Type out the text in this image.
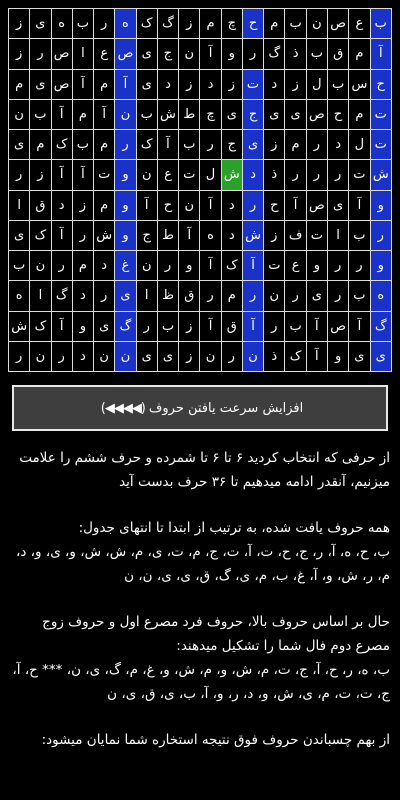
ز	ی	ه	ب	ر	ه	ک	گ	ز	م	چ	ح	م	ب	ن	ص	ع	ب
ز	ر	ص	ا	ع	ص	ی	ج	ن	آ	و	ر	گ	ذ	ب	ق	م	آ
م	ی	ص	آ	م	آ	ی	د	ز	د	ز	ت	د	ز	ل	ب	س	ح
ن	ب	آ	م	آ	ن	ب	ش	ط	چ	ی	ج	ی	ی	ص	ح	م	ت
ی	م	ک	ب	م	ر	ک	آ	ب	ر	ج	ی	ز	م	ر	د	ل	ت
ر	ز	آ	آ	ت	و	ن	ع	ت	ل	ش	د	ذ	ر	ر	ر	ت	ش
ا	ق	د	ز	م	و	آ	ح	ن	آ	د	ر	ح	آ	ص	ی	آ	و
ی	ک	آ	ر	ش	و	ج	ط	آ	ه	د	ش	ز	ف	ت	ا	ب	ر
ب	ن	ر	م	د	غ	ن	ر	و	آ	ک	آ	ت	ع	و	ر	ر	و
ه	ا	گ	د	ر	ی	ا	ظ	ق	ر	م	ر	ن	ر	ی	ر	ب	ه
ش	ک	آ	و	ی	گ	ر	ب	ز	آ	ق	آ	ر	ب	آ	ص	آ	گ
ر	ن	ر	د	ن	ن	ی	ی	ز	ن	ر	ن	ذ	ک	آ	و	ی	ی
افزایش سرعت یافتن حروف
(◀◀◀◀)

از حرفی که انتخاب کردید ۶ تا ۶ تا شمرده و حرف ششم را علامت میزنیم، آنقدر ادامه میدهیم تا ۳۶ حرف بدست آید

همه حروف یافت شده، به ترتیب از ابتدا تا انتهای جدول:
ب، ح، ه، آ، ر، ج، ح، ت، آ، ت، ج، م، ت، ی، م، ش، ش، و، ی، و، د، م، ر، ش، و، آ، غ، ب، م، ی، گ، ق، ی، ی، ن، ن

حال بر اساس حروف بالا، حروف فرد مصرع اول و حروف زوج مصرع دوم فال شما را تشکیل میدهند:
ب، ه، ر، ح، آ، ج، ت، م، ش، و، م، ش، و، غ، م، گ، ی، ن، *** ح، آ، ج، ت، ت، م، ی، ش، و، د، ر، و، آ، ب، ی، ق، ی، ن

از بهم چسباندن حروف فوق نتیجه استخاره شما نمایان میشود:
